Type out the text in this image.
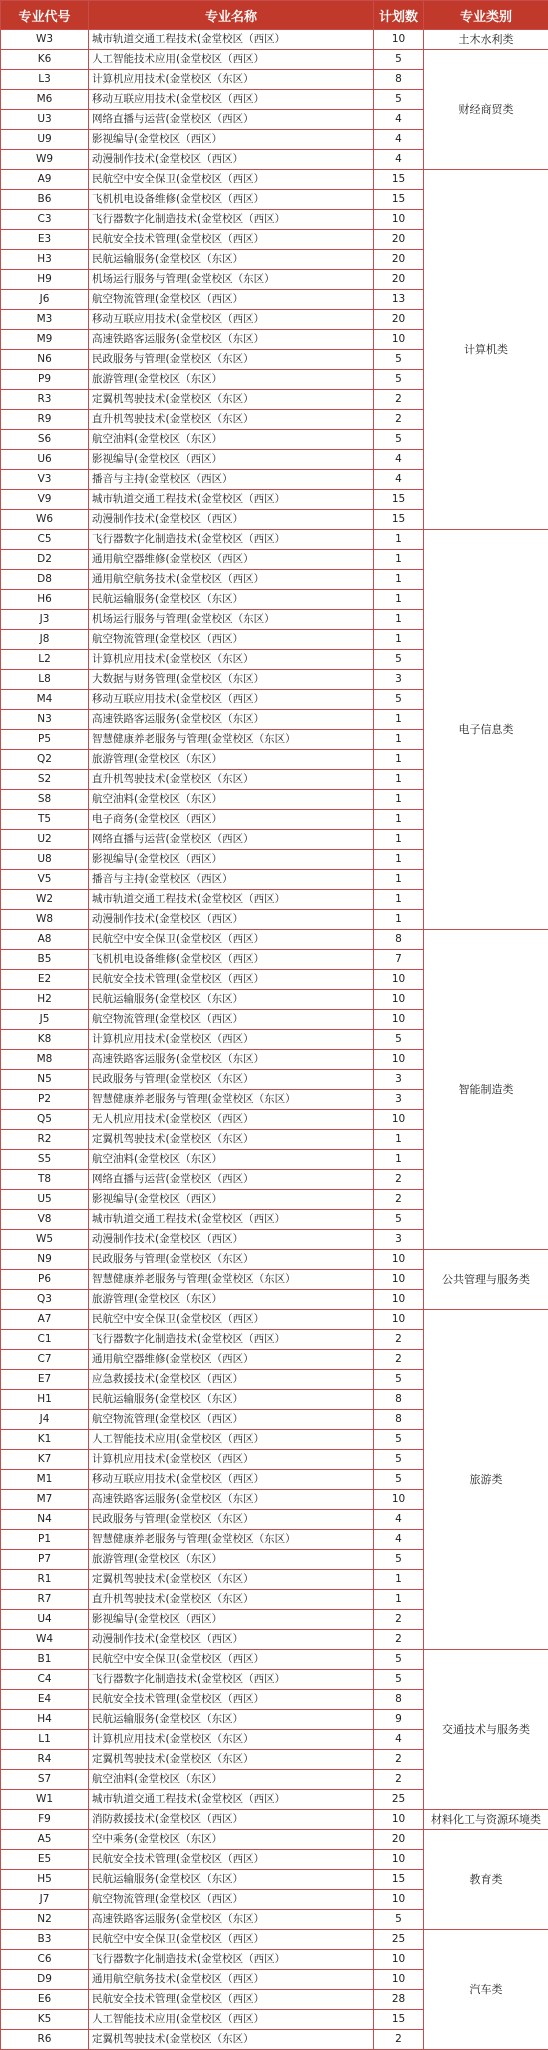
专业代号	专业名称	计划数	专业类别
W3	城市轨道交通工程技术(金堂校区（西区）	10	土木水利类
K6	人工智能技术应用(金堂校区（西区）	5	财经商贸类
L3	计算机应用技术(金堂校区（东区）	8	
M6	移动互联应用技术(金堂校区（西区）	5	
U3	网络直播与运营(金堂校区（西区）	4	
U9	影视编导(金堂校区（西区）	4	
W9	动漫制作技术(金堂校区（西区）	4	
A9	民航空中安全保卫(金堂校区（西区）	15	计算机类
B6	飞机机电设备维修(金堂校区（西区）	15	
C3	飞行器数字化制造技术(金堂校区（西区）	10	
E3	民航安全技术管理(金堂校区（西区）	20	
H3	民航运输服务(金堂校区（东区）	20	
H9	机场运行服务与管理(金堂校区（东区）	20	
J6	航空物流管理(金堂校区（西区）	13	
M3	移动互联应用技术(金堂校区（西区）	20	
M9	高速铁路客运服务(金堂校区（东区）	10	
N6	民政服务与管理(金堂校区（东区）	5	
P9	旅游管理(金堂校区（东区）	5	
R3	定翼机驾驶技术(金堂校区（东区）	2	
R9	直升机驾驶技术(金堂校区（东区）	2	
S6	航空油料(金堂校区（东区）	5	
U6	影视编导(金堂校区（西区）	4	
V3	播音与主持(金堂校区（西区）	4	
V9	城市轨道交通工程技术(金堂校区（西区）	15	
W6	动漫制作技术(金堂校区（西区）	15	
C5	飞行器数字化制造技术(金堂校区（西区）	1	电子信息类
D2	通用航空器维修(金堂校区（西区）	1	
D8	通用航空航务技术(金堂校区（西区）	1	
H6	民航运输服务(金堂校区（东区）	1	
J3	机场运行服务与管理(金堂校区（东区）	1	
J8	航空物流管理(金堂校区（西区）	1	
L2	计算机应用技术(金堂校区（东区）	5	
L8	大数据与财务管理(金堂校区（东区）	3	
M4	移动互联应用技术(金堂校区（西区）	5	
N3	高速铁路客运服务(金堂校区（东区）	1	
P5	智慧健康养老服务与管理(金堂校区（东区）	1	
Q2	旅游管理(金堂校区（东区）	1	
S2	直升机驾驶技术(金堂校区（东区）	1	
S8	航空油料(金堂校区（东区）	1	
T5	电子商务(金堂校区（西区）	1	
U2	网络直播与运营(金堂校区（西区）	1	
U8	影视编导(金堂校区（西区）	1	
V5	播音与主持(金堂校区（西区）	1	
W2	城市轨道交通工程技术(金堂校区（西区）	1	
W8	动漫制作技术(金堂校区（西区）	1	
A8	民航空中安全保卫(金堂校区（西区）	8	智能制造类
B5	飞机机电设备维修(金堂校区（西区）	7	
E2	民航安全技术管理(金堂校区（西区）	10	
H2	民航运输服务(金堂校区（东区）	10	
J5	航空物流管理(金堂校区（西区）	10	
K8	计算机应用技术(金堂校区（西区）	5	
M8	高速铁路客运服务(金堂校区（东区）	10	
N5	民政服务与管理(金堂校区（东区）	3	
P2	智慧健康养老服务与管理(金堂校区（东区）	3	
Q5	无人机应用技术(金堂校区（西区）	10	
R2	定翼机驾驶技术(金堂校区（东区）	1	
S5	航空油料(金堂校区（东区）	1	
T8	网络直播与运营(金堂校区（西区）	2	
U5	影视编导(金堂校区（西区）	2	
V8	城市轨道交通工程技术(金堂校区（西区）	5	
W5	动漫制作技术(金堂校区（西区）	3	
N9	民政服务与管理(金堂校区（东区）	10	公共管理与服务类
P6	智慧健康养老服务与管理(金堂校区（东区）	10	
Q3	旅游管理(金堂校区（东区）	10	
A7	民航空中安全保卫(金堂校区（西区）	10	旅游类
C1	飞行器数字化制造技术(金堂校区（西区）	2	
C7	通用航空器维修(金堂校区（西区）	2	
E7	应急救援技术(金堂校区（西区）	5	
H1	民航运输服务(金堂校区（东区）	8	
J4	航空物流管理(金堂校区（西区）	8	
K1	人工智能技术应用(金堂校区（西区）	5	
K7	计算机应用技术(金堂校区（西区）	5	
M1	移动互联应用技术(金堂校区（西区）	5	
M7	高速铁路客运服务(金堂校区（东区）	10	
N4	民政服务与管理(金堂校区（东区）	4	
P1	智慧健康养老服务与管理(金堂校区（东区）	4	
P7	旅游管理(金堂校区（东区）	5	
R1	定翼机驾驶技术(金堂校区（东区）	1	
R7	直升机驾驶技术(金堂校区（东区）	1	
U4	影视编导(金堂校区（西区）	2	
W4	动漫制作技术(金堂校区（西区）	2	
B1	民航空中安全保卫(金堂校区（西区）	5	交通技术与服务类
C4	飞行器数字化制造技术(金堂校区（西区）	5	
E4	民航安全技术管理(金堂校区（西区）	8	
H4	民航运输服务(金堂校区（东区）	9	
L1	计算机应用技术(金堂校区（东区）	4	
R4	定翼机驾驶技术(金堂校区（东区）	2	
S7	航空油料(金堂校区（东区）	2	
W1	城市轨道交通工程技术(金堂校区（西区）	25	
F9	消防救援技术(金堂校区（西区）	10	材料化工与资源环境类
A5	空中乘务(金堂校区（东区）	20	教育类
E5	民航安全技术管理(金堂校区（西区）	10	
H5	民航运输服务(金堂校区（东区）	15	
J7	航空物流管理(金堂校区（西区）	10	
N2	高速铁路客运服务(金堂校区（东区）	5	
B3	民航空中安全保卫(金堂校区（西区）	25	汽车类
C6	飞行器数字化制造技术(金堂校区（西区）	10	
D9	通用航空航务技术(金堂校区（西区）	10	
E6	民航安全技术管理(金堂校区（西区）	28	
K5	人工智能技术应用(金堂校区（西区）	15	
R6	定翼机驾驶技术(金堂校区（东区）	2	
